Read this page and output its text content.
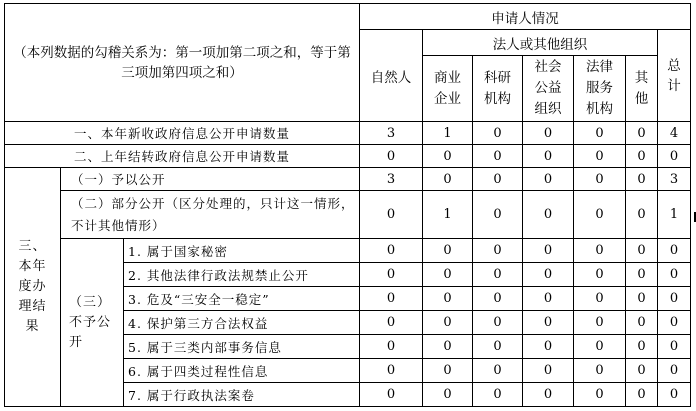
（本列数据的勾稽关系为：第一项加第二项之和，等于第三项加第四项之和）			申请人情况						
			自然人	法人或其他组织					总计
				商业企业	科研机构	社会公益组织	法律服务机构	其他	
一、本年新收政府信息公开申请数量			3	1	0	0	0	0	4
二、上年结转政府信息公开申请数量			0	0	0	0	0	0	0
三、本年度办理结果	（一）予以公开		3	0	0	0	0	0	3
	（二）部分公开（区分处理的，只计这一情形，不计其他情形）		0	1	0	0	0	0	1
	（三）不予公开	1. 属于国家秘密	0	0	0	0	0	0	0
		2. 其他法律行政法规禁止公开	0	0	0	0	0	0	0
		3. 危及“三安全一稳定”	0	0	0	0	0	0	0
		4. 保护第三方合法权益	0	0	0	0	0	0	0
		5. 属于三类内部事务信息	0	0	0	0	0	0	0
		6. 属于四类过程性信息	0	0	0	0	0	0	0
		7. 属于行政执法案卷	0	0	0	0	0	0	0
